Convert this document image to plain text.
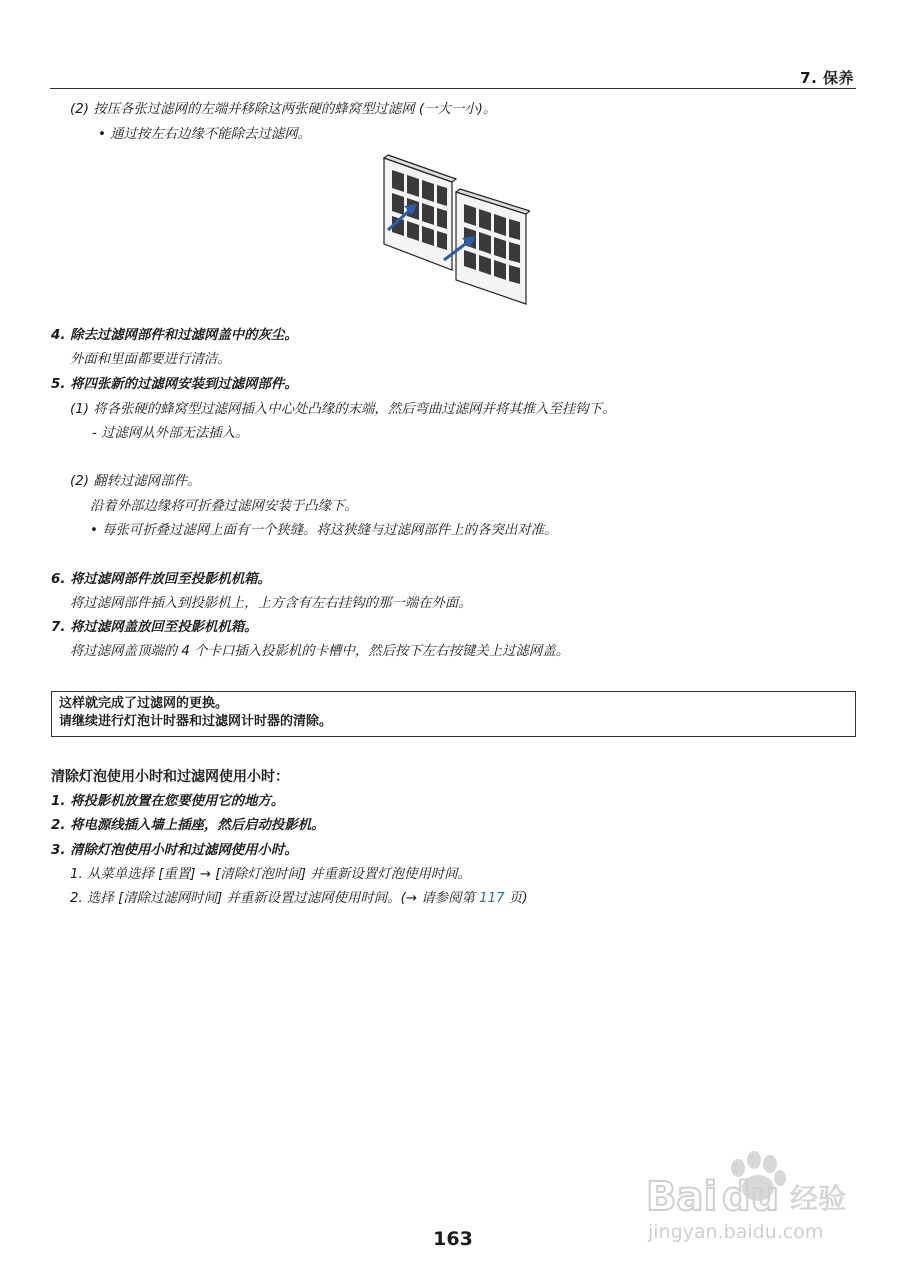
7. 保养
(2) 按压各张过滤网的左端并移除这两张硬的蜂窝型过滤网 (一大一小)。
• 通过按左右边缘不能除去过滤网。
4. 除去过滤网部件和过滤网盖中的灰尘。
外面和里面都要进行清洁。
5. 将四张新的过滤网安装到过滤网部件。
(1) 将各张硬的蜂窝型过滤网插入中心处凸缘的末端，然后弯曲过滤网并将其推入至挂钩下。
- 过滤网从外部无法插入。
(2) 翻转过滤网部件。
沿着外部边缘将可折叠过滤网安装于凸缘下。
• 每张可折叠过滤网上面有一个狭缝。将这狭缝与过滤网部件上的各突出对准。
6. 将过滤网部件放回至投影机机箱。
将过滤网部件插入到投影机上，上方含有左右挂钩的那一端在外面。
7. 将过滤网盖放回至投影机机箱。
将过滤网盖顶端的 4 个卡口插入投影机的卡槽中，然后按下左右按键关上过滤网盖。
这样就完成了过滤网的更换。
请继续进行灯泡计时器和过滤网计时器的清除。
清除灯泡使用小时和过滤网使用小时：
1. 将投影机放置在您要使用它的地方。
2. 将电源线插入墙上插座，然后启动投影机。
3. 清除灯泡使用小时和过滤网使用小时。
1. 从菜单选择 [重置] → [清除灯泡时间] 并重新设置灯泡使用时间。
2. 选择 [清除过滤网时间] 并重新设置过滤网使用时间。(→ 请参阅第 117 页)
Bai du 经验
jingyan.baidu.com
163
